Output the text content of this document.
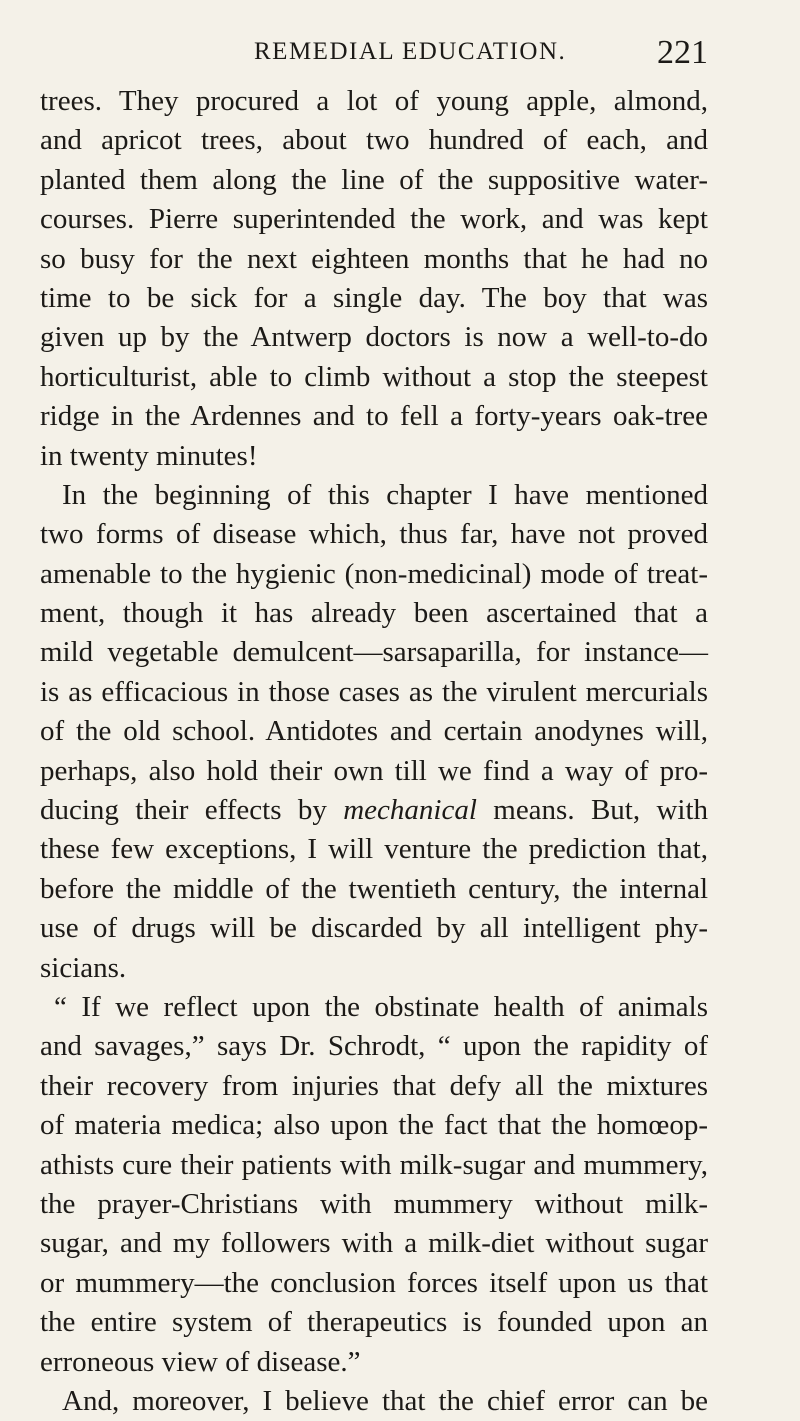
REMEDIAL EDUCATION.	221
trees. They procured a lot of young apple, almond,
and apricot trees, about two hundred of each, and
planted them along the line of the suppositive water-
courses. Pierre superintended the work, and was kept
so busy for the next eighteen months that he had no
time to be sick for a single day. The boy that was
given up by the Antwerp doctors is now a well-to-do
horticulturist, able to climb without a stop the steepest
ridge in the Ardennes and to fell a forty-years oak-tree
in twenty minutes!
In the beginning of this chapter I have mentioned
two forms of disease which, thus far, have not proved
amenable to the hygienic (non-medicinal) mode of treat-
ment, though it has already been ascertained that a
mild vegetable demulcent—sarsaparilla, for instance—
is as efficacious in those cases as the virulent mercurials
of the old school. Antidotes and certain anodynes will,
perhaps, also hold their own till we find a way of pro-
ducing their effects by mechanical means. But, with
these few exceptions, I will venture the prediction that,
before the middle of the twentieth century, the internal
use of drugs will be discarded by all intelligent phy-
sicians.
“ If we reflect upon the obstinate health of animals
and savages,” says Dr. Schrodt, “ upon the rapidity of
their recovery from injuries that defy all the mixtures
of materia medica; also upon the fact that the homœop-
athists cure their patients with milk-sugar and mummery,
the prayer-Christians with mummery without milk-
sugar, and my followers with a milk-diet without sugar
or mummery—the conclusion forces itself upon us that
the entire system of therapeutics is founded upon an
erroneous view of disease.”
And, moreover, I believe that the chief error can be
